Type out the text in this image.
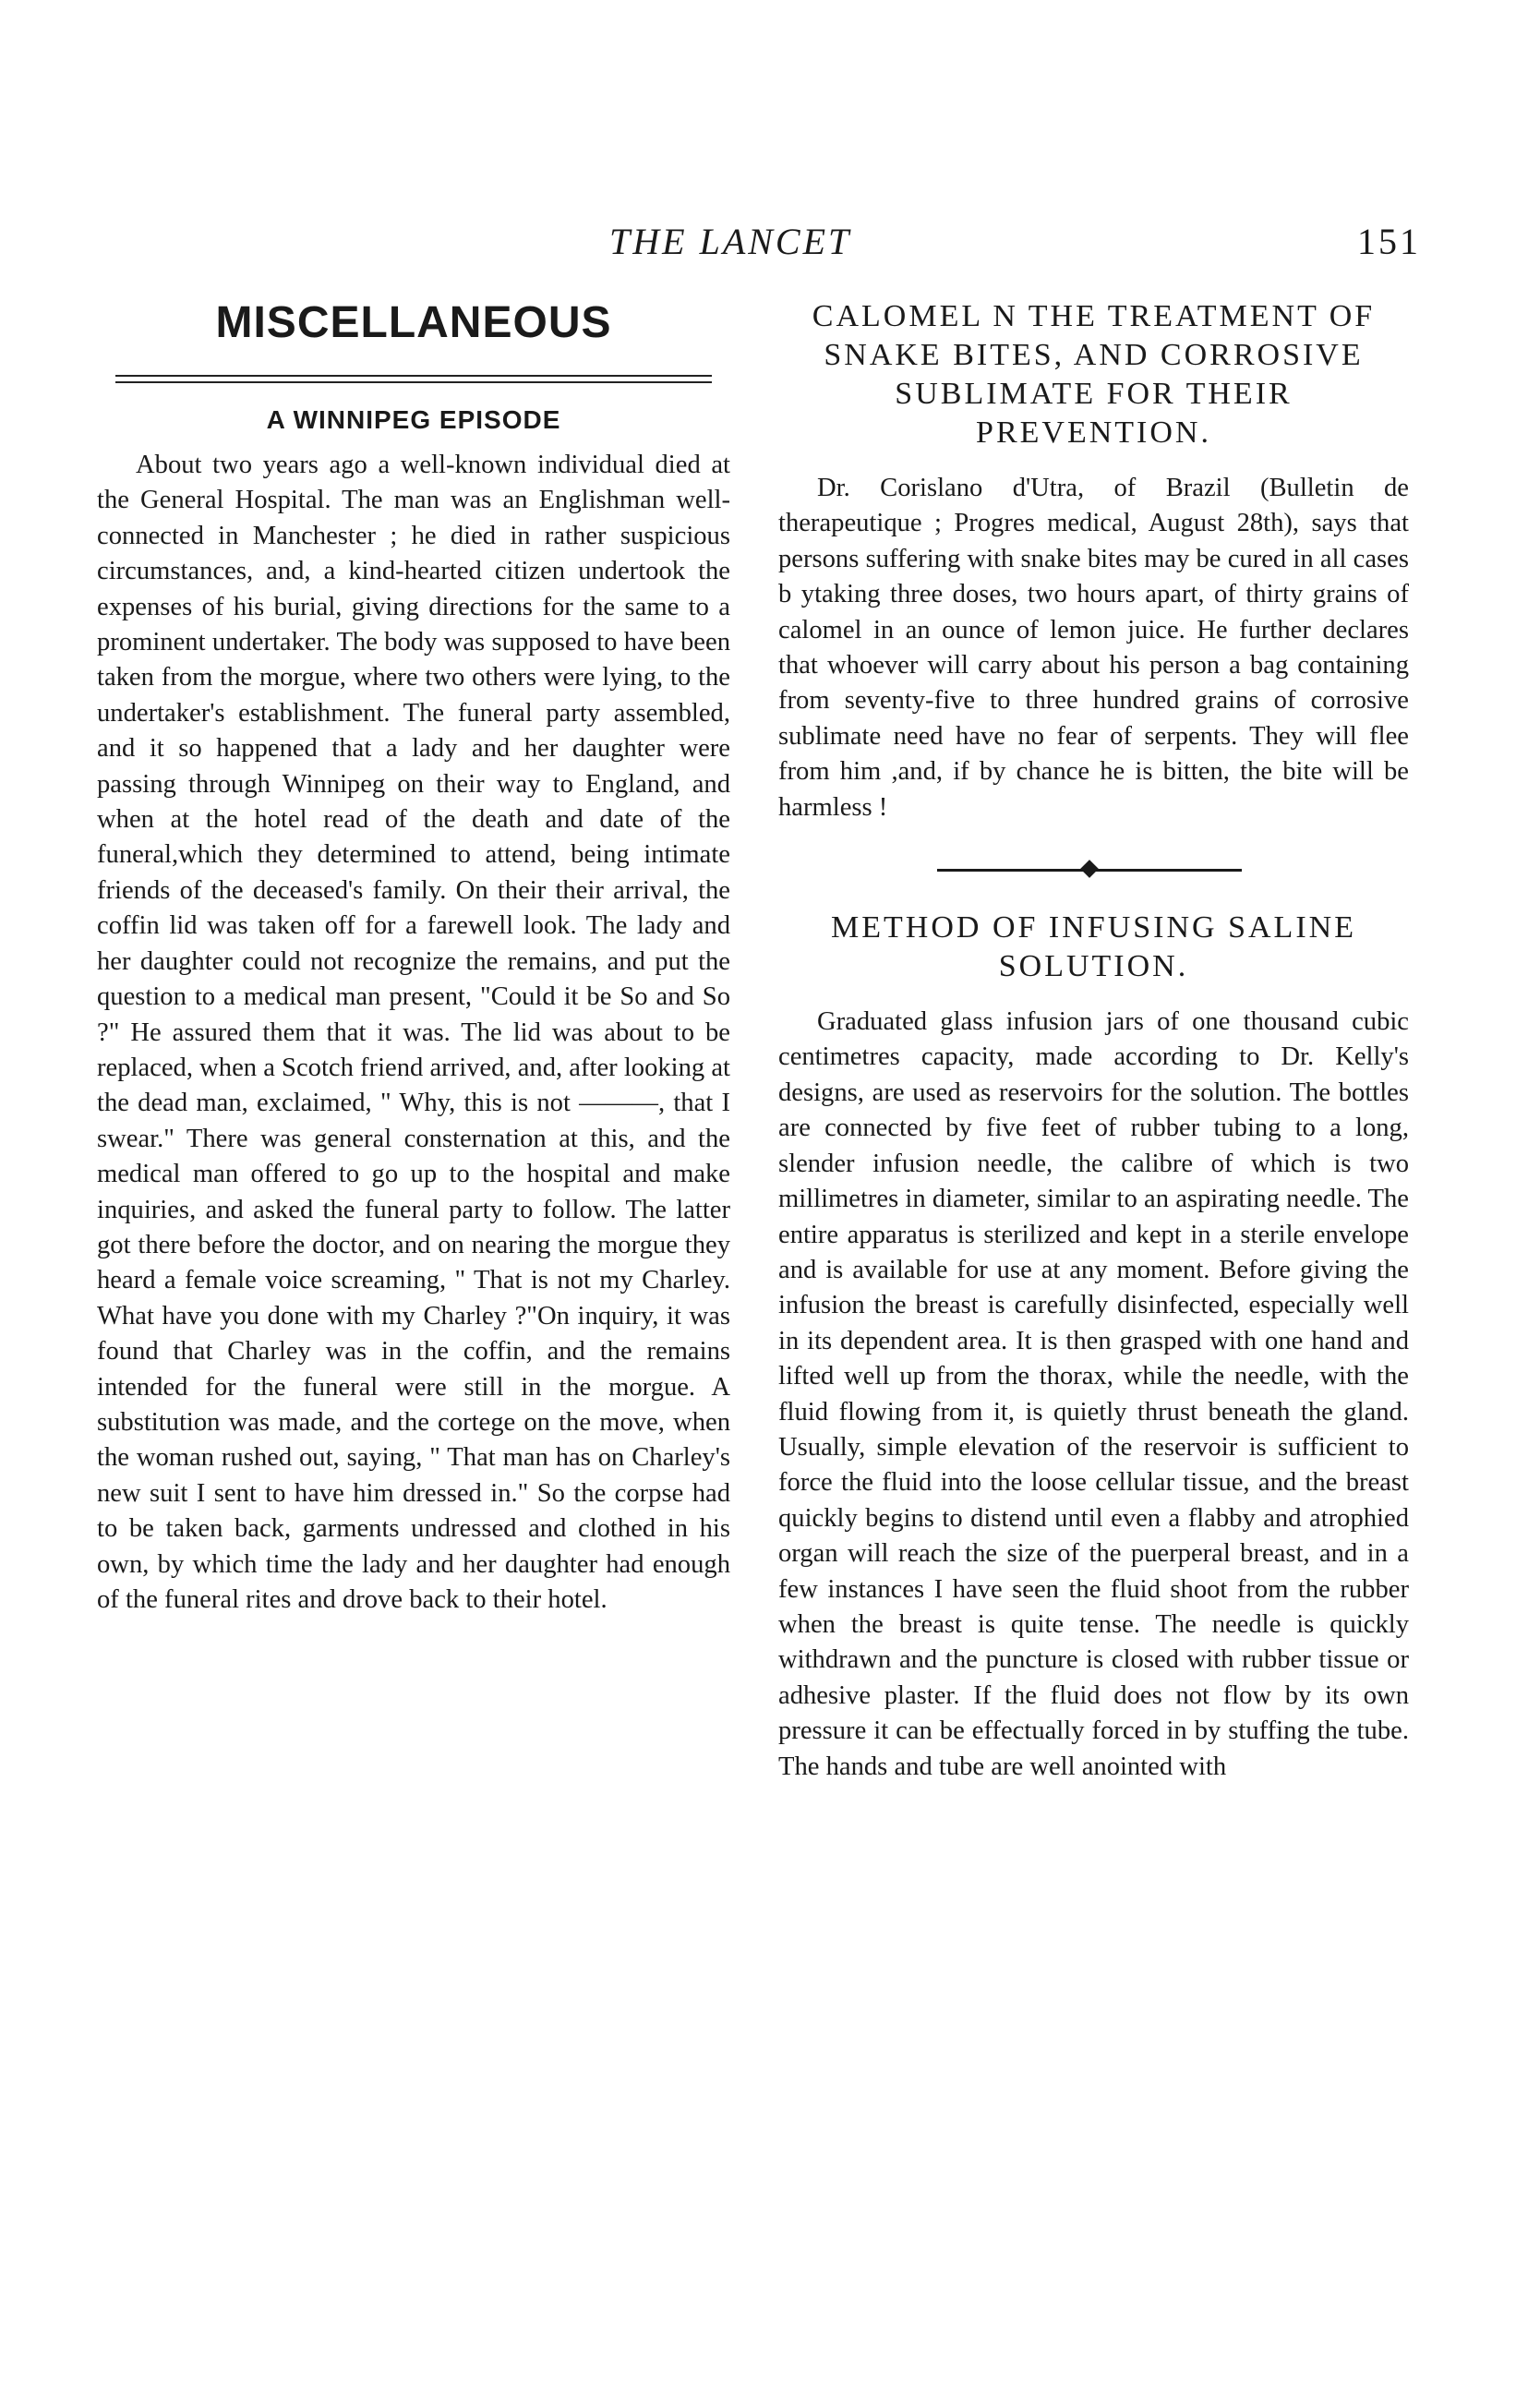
THE LANCET	151
MISCELLANEOUS
A WINNIPEG EPISODE

About two years ago a well-known individual died at the General Hospital. The man was an Englishman well-connected in Manchester ; he died in rather suspicious circumstances, and, a kind-hearted citizen undertook the expenses of his burial, giving directions for the same to a prominent undertaker. The body was supposed to have been taken from the morgue, where two others were lying, to the undertaker's establishment. The funeral party assembled, and it so happened that a lady and her daughter were passing through Winnipeg on their way to England, and when at the hotel read of the death and date of the funeral,which they determined to attend, being intimate friends of the deceased's family. On their their arrival, the coffin lid was taken off for a farewell look. The lady and her daughter could not recognize the remains, and put the question to a medical man present, "Could it be So and So ?" He assured them that it was. The lid was about to be replaced, when a Scotch friend arrived, and, after looking at the dead man, exclaimed, " Why, this is not ———, that I swear." There was general consternation at this, and the medical man offered to go up to the hospital and make inquiries, and asked the funeral party to follow. The latter got there before the doctor, and on nearing the morgue they heard a female voice screaming, " That is not my Charley. What have you done with my Charley ?"On inquiry, it was found that Charley was in the coffin, and the remains intended for the funeral were still in the morgue. A substitution was made, and the cortege on the move, when the woman rushed out, saying, " That man has on Charley's new suit I sent to have him dressed in." So the corpse had to be taken back, garments undressed and clothed in his own, by which time the lady and her daughter had enough of the funeral rites and drove back to their hotel.

CALOMEL N THE TREATMENT OF SNAKE BITES, AND CORROSIVE SUBLIMATE FOR THEIR PREVENTION.

Dr. Corislano d'Utra, of Brazil (Bulletin de therapeutique ; Progres medical, August 28th), says that persons suffering with snake bites may be cured in all cases b ytaking three doses, two hours apart, of thirty grains of calomel in an ounce of lemon juice. He further declares that whoever will carry about his person a bag containing from seventy-five to three hundred grains of corrosive sublimate need have no fear of serpents. They will flee from him ,and, if by chance he is bitten, the bite will be harmless !

METHOD OF INFUSING SALINE SOLUTION.

Graduated glass infusion jars of one thousand cubic centimetres capacity, made according to Dr. Kelly's designs, are used as reservoirs for the solution. The bottles are connected by five feet of rubber tubing to a long, slender infusion needle, the calibre of which is two millimetres in diameter, similar to an aspirating needle. The entire apparatus is sterilized and kept in a sterile envelope and is available for use at any moment. Before giving the infusion the breast is carefully disinfected, especially well in its dependent area. It is then grasped with one hand and lifted well up from the thorax, while the needle, with the fluid flowing from it, is quietly thrust beneath the gland. Usually, simple elevation of the reservoir is sufficient to force the fluid into the loose cellular tissue, and the breast quickly begins to distend until even a flabby and atrophied organ will reach the size of the puerperal breast, and in a few instances I have seen the fluid shoot from the rubber when the breast is quite tense. The needle is quickly withdrawn and the puncture is closed with rubber tissue or adhesive plaster. If the fluid does not flow by its own pressure it can be effectually forced in by stuffing the tube. The hands and tube are well anointed with
